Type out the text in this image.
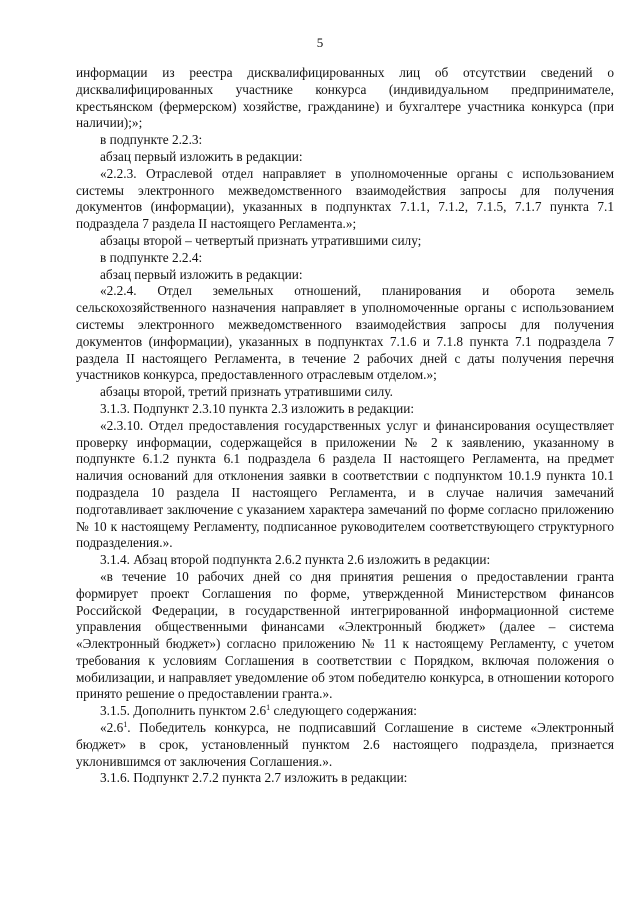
5

информации из реестра дисквалифицированных лиц об отсутствии сведений о дисквалифицированных участнике конкурса (индивидуальном предпринимателе, крестьянском (фермерском) хозяйстве, гражданине) и бухгалтере участника конкурса (при наличии);»;

в подпункте 2.2.3:

абзац первый изложить в редакции:

«2.2.3. Отраслевой отдел направляет в уполномоченные органы с использованием системы электронного межведомственного взаимодействия запросы для получения документов (информации), указанных в подпунктах 7.1.1, 7.1.2, 7.1.5, 7.1.7 пункта 7.1 подраздела 7 раздела II настоящего Регламента.»;

абзацы второй – четвертый признать утратившими силу;

в подпункте 2.2.4:

абзац первый изложить в редакции:

«2.2.4. Отдел земельных отношений, планирования и оборота земель сельскохозяйственного назначения направляет в уполномоченные органы с использованием системы электронного межведомственного взаимодействия запросы для получения документов (информации), указанных в подпунктах 7.1.6 и 7.1.8 пункта 7.1 подраздела 7 раздела II настоящего Регламента, в течение 2 рабочих дней с даты получения перечня участников конкурса, предоставленного отраслевым отделом.»;

абзацы второй, третий признать утратившими силу.

3.1.3. Подпункт 2.3.10 пункта 2.3 изложить в редакции:

«2.3.10. Отдел предоставления государственных услуг и финансирования осуществляет проверку информации, содержащейся в приложении № 2 к заявлению, указанному в подпункте 6.1.2 пункта 6.1 подраздела 6 раздела II настоящего Регламента, на предмет наличия оснований для отклонения заявки в соответствии с подпунктом 10.1.9 пункта 10.1 подраздела 10 раздела II настоящего Регламента, и в случае наличия замечаний подготавливает заключение с указанием характера замечаний по форме согласно приложению № 10 к настоящему Регламенту, подписанное руководителем соответствующего структурного подразделения.».

3.1.4. Абзац второй подпункта 2.6.2 пункта 2.6 изложить в редакции:

«в течение 10 рабочих дней со дня принятия решения о предоставлении гранта формирует проект Соглашения по форме, утвержденной Министерством финансов Российской Федерации, в государственной интегрированной информационной системе управления общественными финансами «Электронный бюджет» (далее – система «Электронный бюджет») согласно приложению № 11 к настоящему Регламенту, с учетом требования к условиям Соглашения в соответствии с Порядком, включая положения о мобилизации, и направляет уведомление об этом победителю конкурса, в отношении которого принято решение о предоставлении гранта.».

3.1.5. Дополнить пунктом $2.6^1$ следующего содержания:

«$2.6^1$. Победитель конкурса, не подписавший Соглашение в системе «Электронный бюджет» в срок, установленный пунктом 2.6 настоящего подраздела, признается уклонившимся от заключения Соглашения.».

3.1.6. Подпункт 2.7.2 пункта 2.7 изложить в редакции:
